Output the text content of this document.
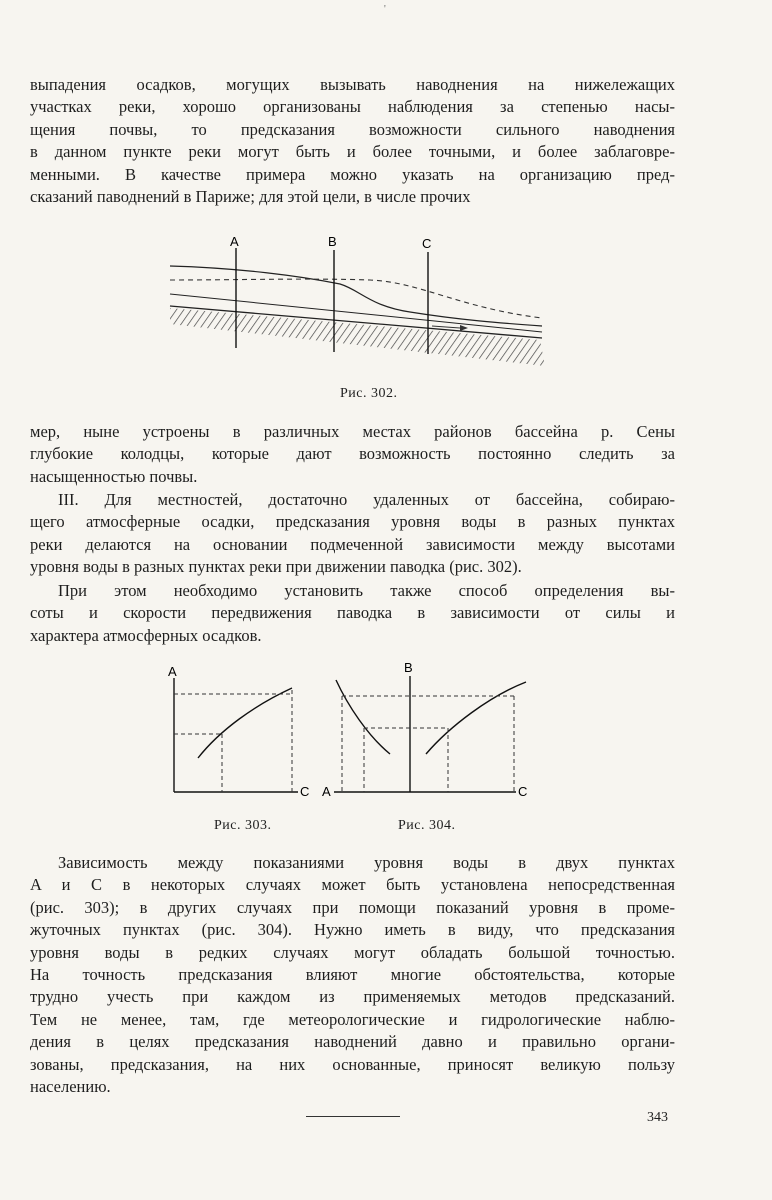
'
выпадения осадков, могущих вызывать наводнения на нижележащих
участках реки, хорошо организованы наблюдения за степенью насы-
щения почвы, то предсказания возможности сильного наводнения
в данном пункте реки могут быть и более точными, и более заблаговре-
менными. В качестве примера можно указать на организацию пред-
сказаний паводнений в Париже; для этой цели, в числе прочих
A	B	C

Рис. 302.

мер, ныне устроены в различных местах районов бассейна р. Сены
глубокие колодцы, которые дают возможность постоянно следить за
насыщенностью почвы.
III. Для местностей, достаточно удаленных от бассейна, собираю-
щего атмосферные осадки, предсказания уровня воды в разных пунктах
реки делаются на основании подмеченной зависимости между высотами
уровня воды в разных пунктах реки при движении паводка (рис. 302).
При этом необходимо установить также способ определения вы-
соты и скорости передвижения паводка в зависимости от силы и
характера атмосферных осадков.
A
C

Рис. 303.

B
A	C

Рис. 304.

Зависимость между показаниями уровня воды в двух пунктах
A и C в некоторых случаях может быть установлена непосредственная
(рис. 303); в других случаях при помощи показаний уровня в проме-
жуточных пунктах (рис. 304). Нужно иметь в виду, что предсказания
уровня воды в редких случаях могут обладать большой точностью.
На точность предсказания влияют многие обстоятельства, которые
трудно учесть при каждом из применяемых методов предсказаний.
Тем не менее, там, где метеорологические и гидрологические наблю-
дения в целях предсказания наводнений давно и правильно органи-
зованы, предсказания, на них основанные, приносят великую пользу
населению.
343
